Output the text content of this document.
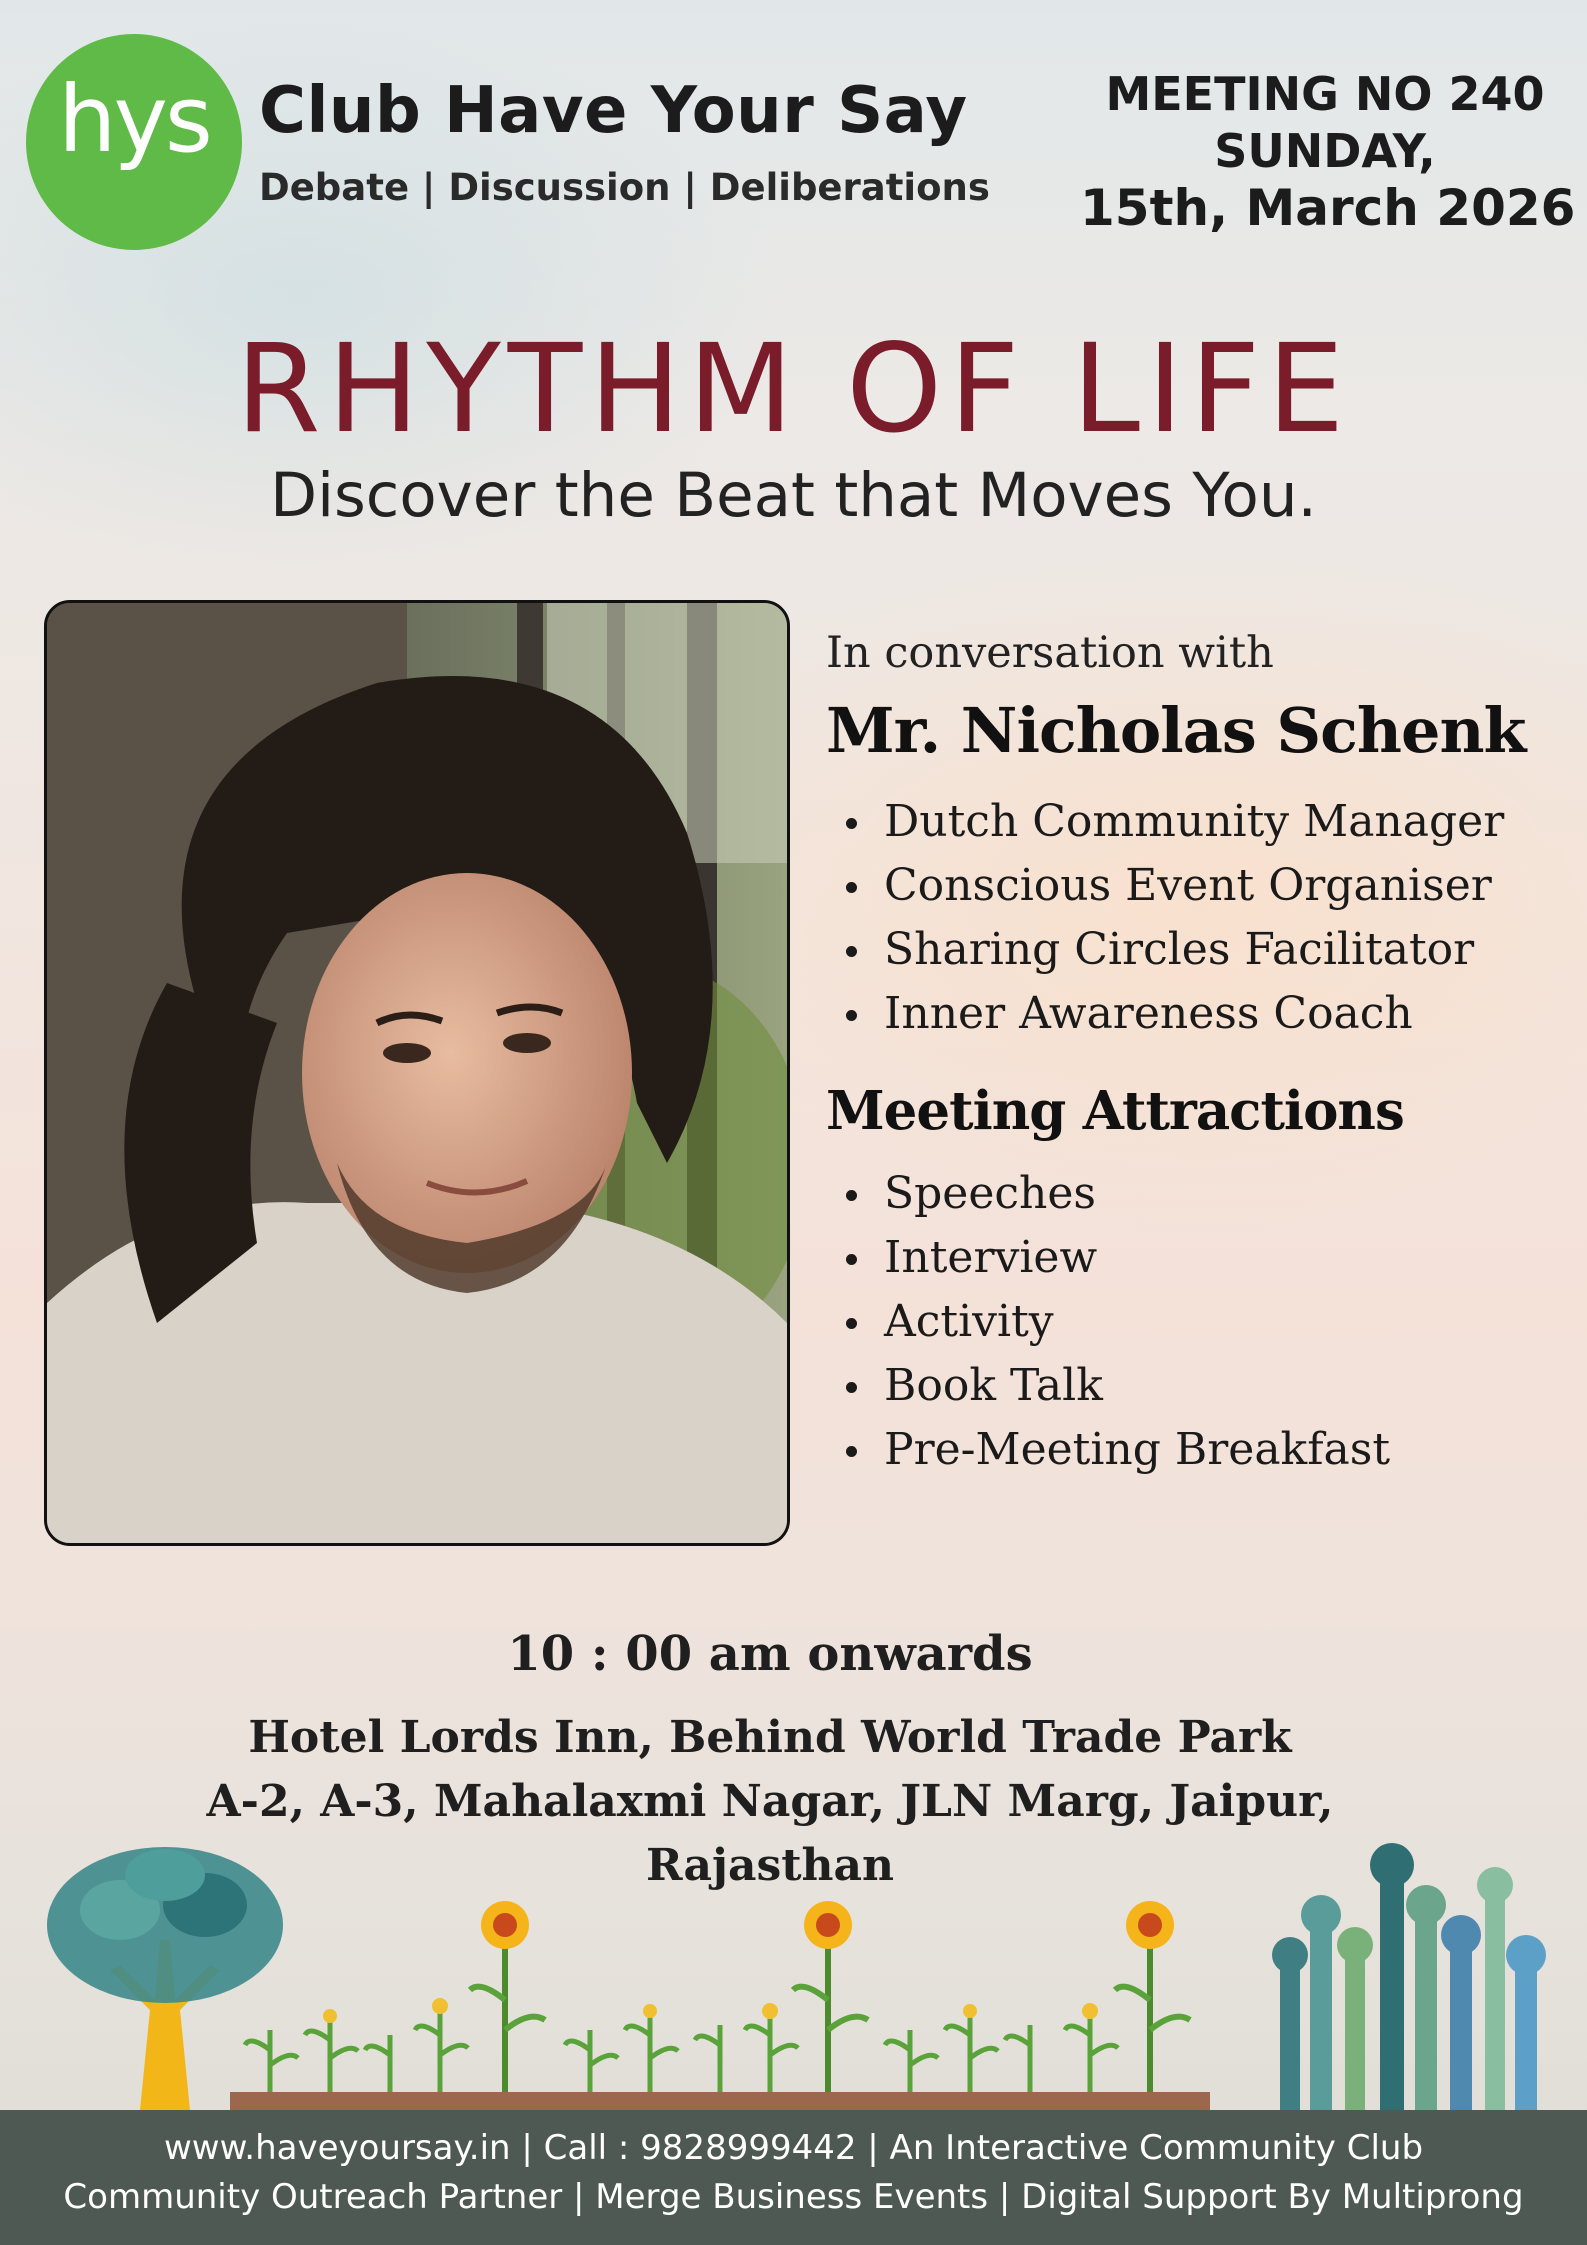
hys Club Have Your Say
Debate | Discussion | Deliberations
MEETING NO 240
SUNDAY,
15th, March 2026
RHYTHM OF LIFE
Discover the Beat that Moves You.
In conversation with
Mr. Nicholas Schenk
Dutch Community Manager
Conscious Event Organiser
Sharing Circles Facilitator
Inner Awareness Coach
Meeting Attractions
Speeches
Interview
Activity
Book Talk
Pre-Meeting Breakfast
10 : 00 am onwards
Hotel Lords Inn, Behind World Trade Park
A-2, A-3, Mahalaxmi Nagar, JLN Marg, Jaipur,
Rajasthan
www.haveyoursay.in | Call : 9828999442 | An Interactive Community Club
Community Outreach Partner | Merge Business Events | Digital Support By Multiprong
